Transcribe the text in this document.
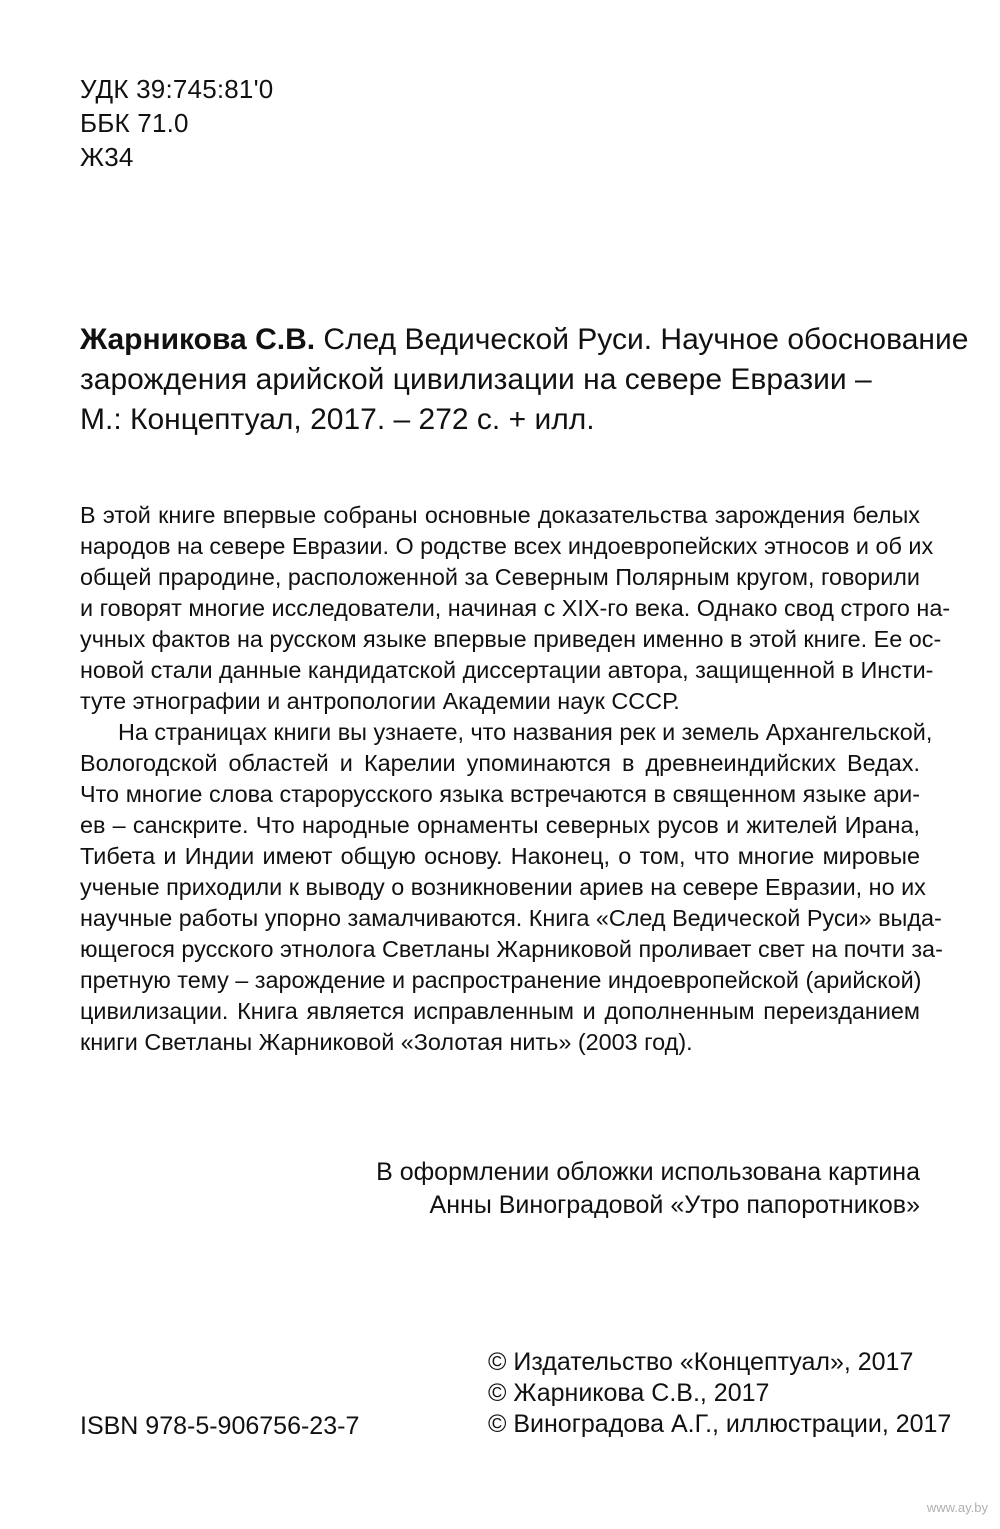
УДК 39:745:81'0
ББК 71.0
Ж34
Жарникова С.В. След Ведической Руси. Научное обоснование
зарождения арийской цивилизации на севере Евразии –
М.: Концептуал, 2017. – 272 с. + илл.
В этой книге впервые собраны основные доказательства зарождения белых
народов на севере Евразии. О родстве всех индоевропейских этносов и об их
общей прародине, расположенной за Северным Полярным кругом, говорили
и говорят многие исследователи, начиная с XIX-го века. Однако свод строго на-
учных фактов на русском языке впервые приведен именно в этой книге. Ее ос-
новой стали данные кандидатской диссертации автора, защищенной в Инсти-
туте этнографии и антропологии Академии наук СССР.
На страницах книги вы узнаете, что названия рек и земель Архангельской,
Вологодской областей и Карелии упоминаются в древнеиндийских Ведах.
Что многие слова старорусского языка встречаются в священном языке ари-
ев – санскрите. Что народные орнаменты северных русов и жителей Ирана,
Тибета и Индии имеют общую основу. Наконец, о том, что многие мировые
ученые приходили к выводу о возникновении ариев на севере Евразии, но их
научные работы упорно замалчиваются. Книга «След Ведической Руси» выда-
ющегося русского этнолога Светланы Жарниковой проливает свет на почти за-
претную тему – зарождение и распространение индоевропейской (арийской)
цивилизации. Книга является исправленным и дополненным переизданием
книги Светланы Жарниковой «Золотая нить» (2003 год).
В оформлении обложки использована картина
Анны Виноградовой «Утро папоротников»
ISBN 978-5-906756-23-7
© Издательство «Концептуал», 2017
© Жарникова С.В., 2017
© Виноградова А.Г., иллюстрации, 2017
www.ay.by
